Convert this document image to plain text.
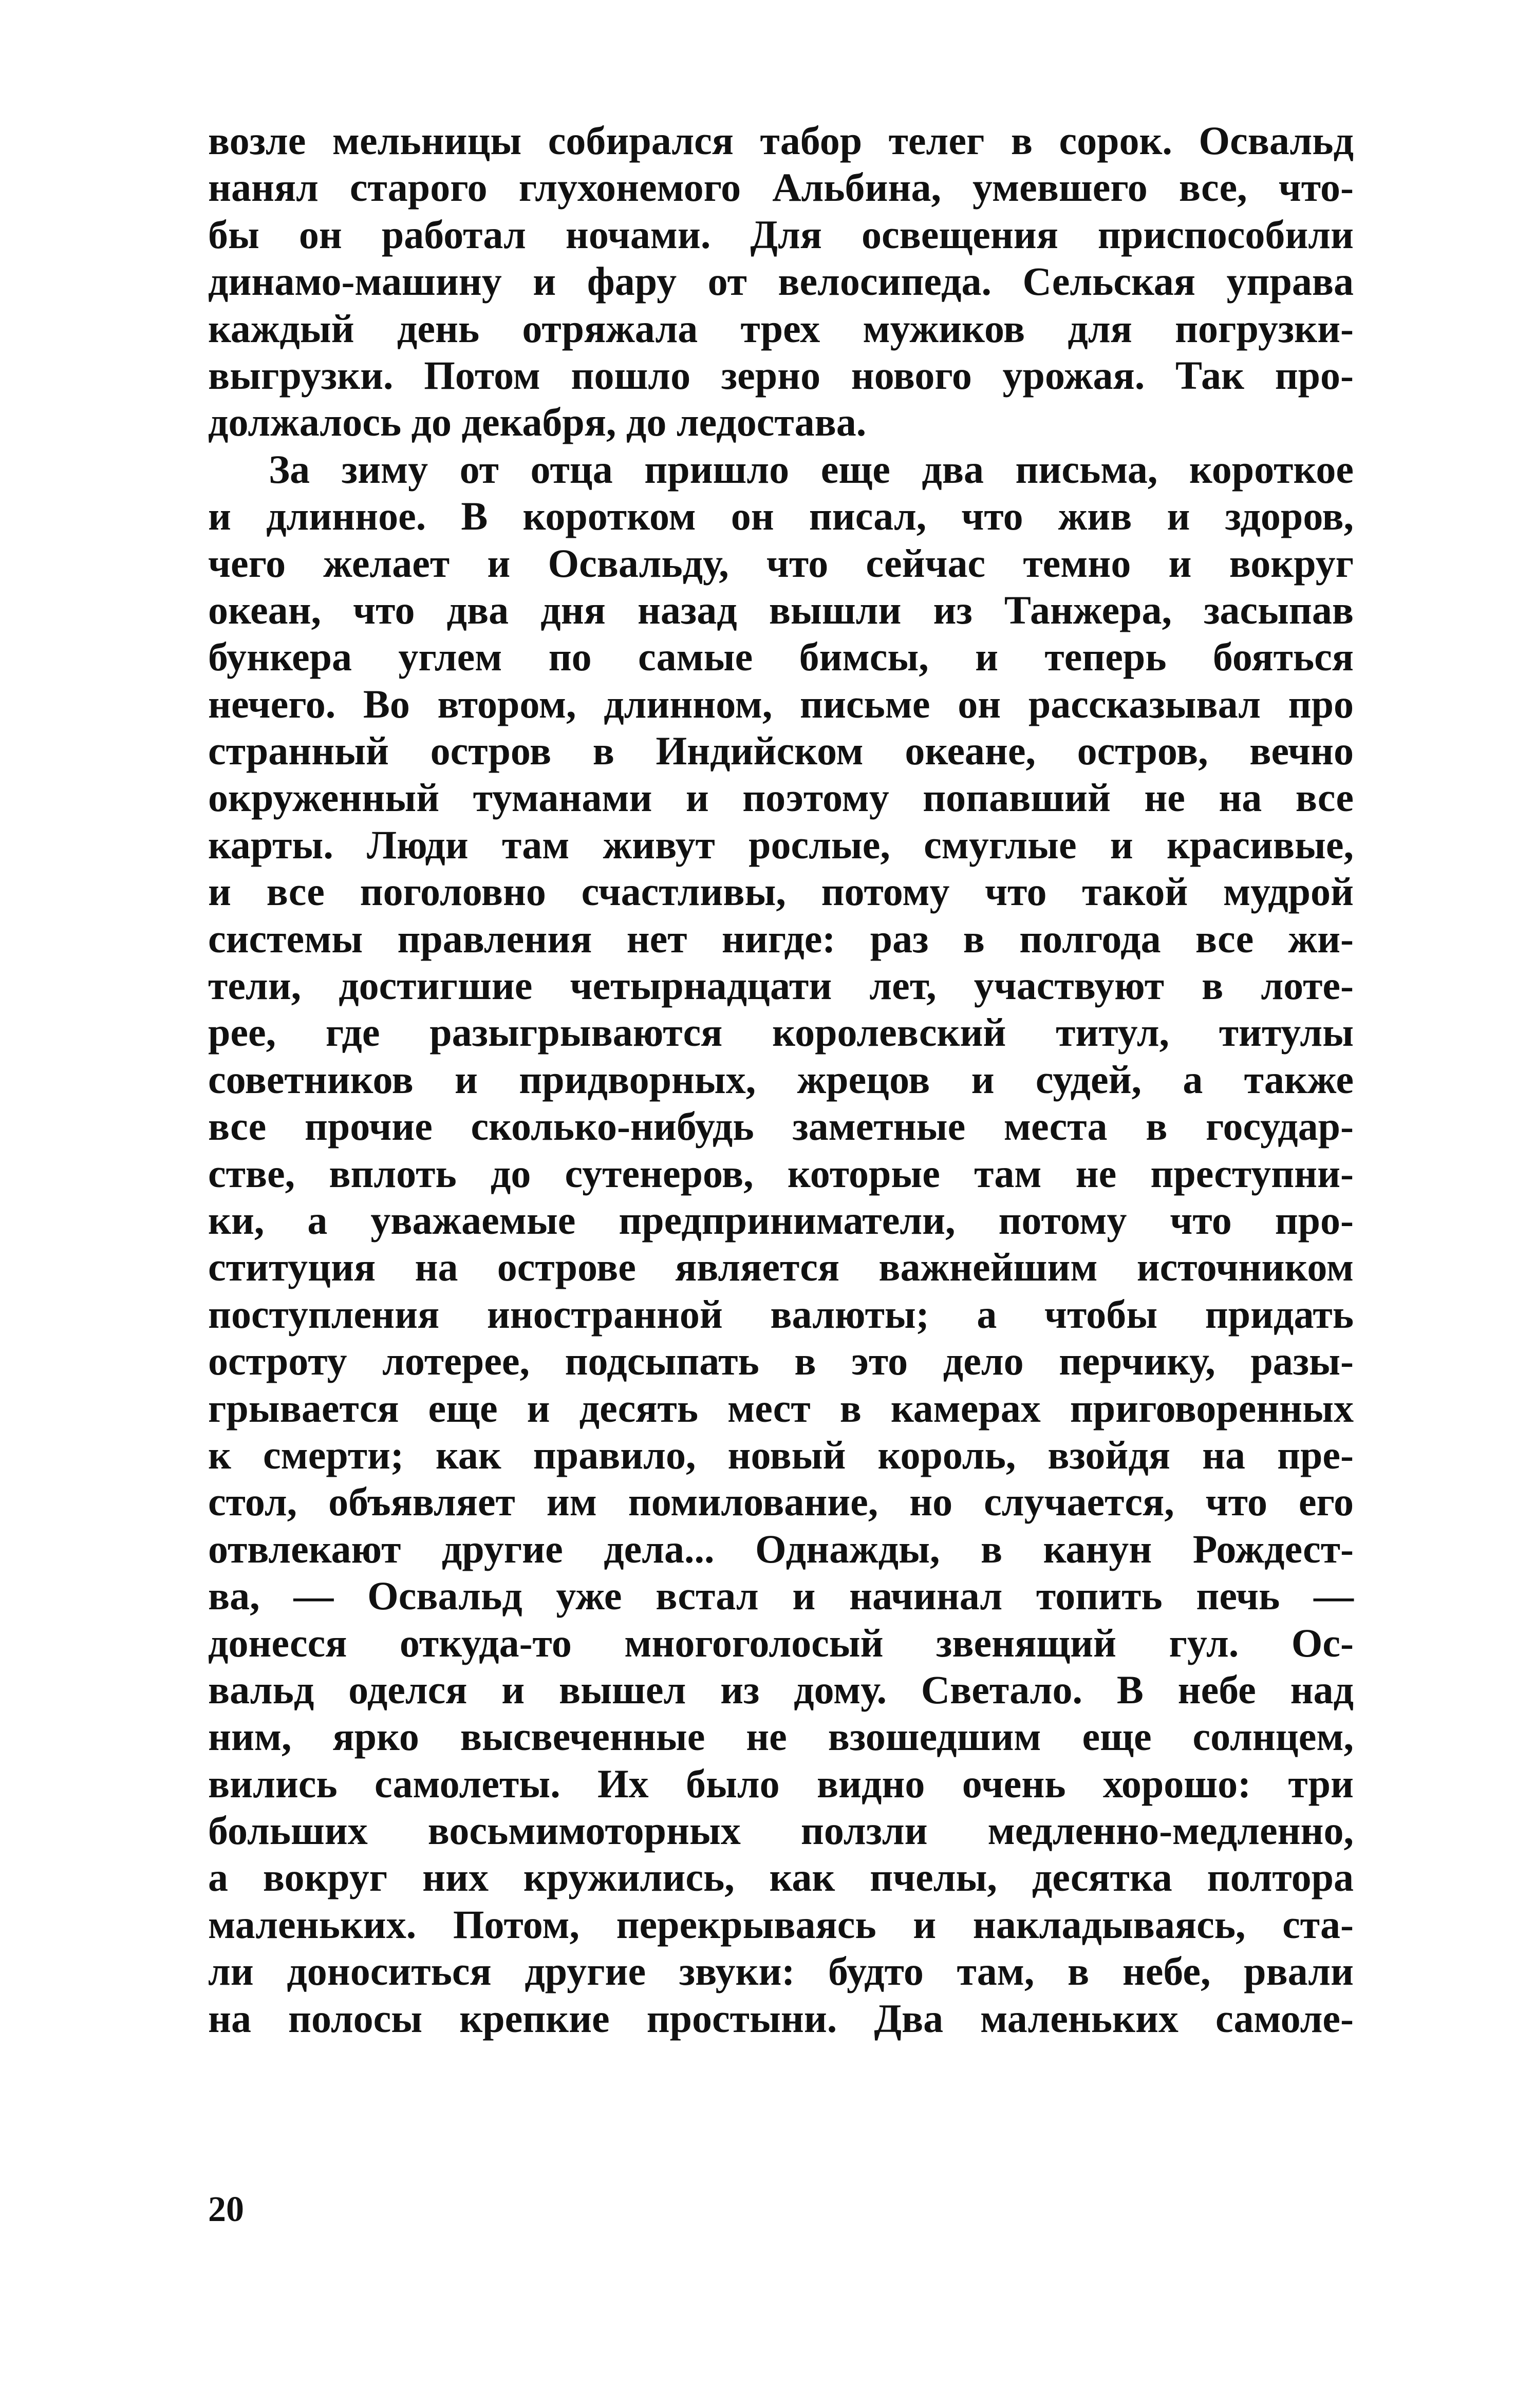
возле мельницы собирался табор телег в сорок. Освальд
нанял старого глухонемого Альбина, умевшего все, что-
бы он работал ночами. Для освещения приспособили
динамо-машину и фару от велосипеда. Сельская управа
каждый день отряжала трех мужиков для погрузки-
выгрузки. Потом пошло зерно нового урожая. Так про-
должалось до декабря, до ледостава.
За зиму от отца пришло еще два письма, короткое
и длинное. В коротком он писал, что жив и здоров,
чего желает и Освальду, что сейчас темно и вокруг
океан, что два дня назад вышли из Танжера, засыпав
бункера углем по самые бимсы, и теперь бояться
нечего. Во втором, длинном, письме он рассказывал про
странный остров в Индийском океане, остров, вечно
окруженный туманами и поэтому попавший не на все
карты. Люди там живут рослые, смуглые и красивые,
и все поголовно счастливы, потому что такой мудрой
системы правления нет нигде: раз в полгода все жи-
тели, достигшие четырнадцати лет, участвуют в лоте-
рее, где разыгрываются королевский титул, титулы
советников и придворных, жрецов и судей, а также
все прочие сколько-нибудь заметные места в государ-
стве, вплоть до сутенеров, которые там не преступни-
ки, а уважаемые предприниматели, потому что про-
ституция на острове является важнейшим источником
поступления иностранной валюты; а чтобы придать
остроту лотерее, подсыпать в это дело перчику, разы-
грывается еще и десять мест в камерах приговоренных
к смерти; как правило, новый король, взойдя на пре-
стол, объявляет им помилование, но случается, что его
отвлекают другие дела... Однажды, в канун Рождест-
ва, — Освальд уже встал и начинал топить печь —
донесся откуда-то многоголосый звенящий гул. Ос-
вальд оделся и вышел из дому. Светало. В небе над
ним, ярко высвеченные не взошедшим еще солнцем,
вились самолеты. Их было видно очень хорошо: три
больших восьмимоторных ползли медленно-медленно,
а вокруг них кружились, как пчелы, десятка полтора
маленьких. Потом, перекрываясь и накладываясь, ста-
ли доноситься другие звуки: будто там, в небе, рвали
на полосы крепкие простыни. Два маленьких самоле-
20
